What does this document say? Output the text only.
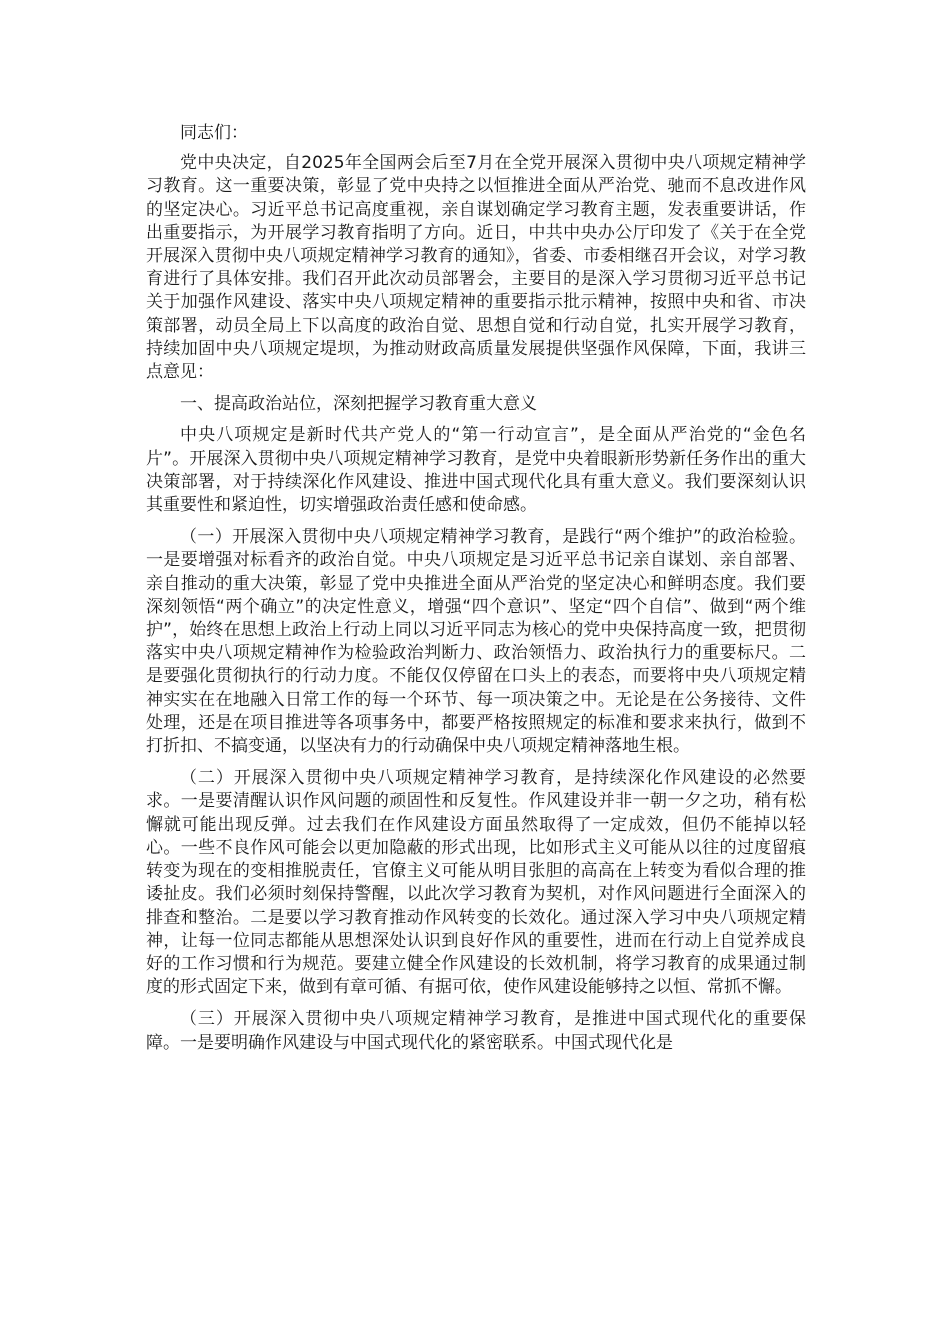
同志们：

党中央决定，自2025年全国两会后至7月在全党开展深入贯彻中央八项规定精神学习教育。这一重要决策，彰显了党中央持之以恒推进全面从严治党、驰而不息改进作风的坚定决心。习近平总书记高度重视，亲自谋划确定学习教育主题，发表重要讲话，作出重要指示，为开展学习教育指明了方向。近日，中共中央办公厅印发了《关于在全党开展深入贯彻中央八项规定精神学习教育的通知》，省委、市委相继召开会议，对学习教育进行了具体安排。我们召开此次动员部署会，主要目的是深入学习贯彻习近平总书记关于加强作风建设、落实中央八项规定精神的重要指示批示精神，按照中央和省、市决策部署，动员全局上下以高度的政治自觉、思想自觉和行动自觉，扎实开展学习教育，持续加固中央八项规定堤坝，为推动财政高质量发展提供坚强作风保障，下面，我讲三点意见：

一、提高政治站位，深刻把握学习教育重大意义

中央八项规定是新时代共产党人的“第一行动宣言”，是全面从严治党的“金色名片”。开展深入贯彻中央八项规定精神学习教育，是党中央着眼新形势新任务作出的重大决策部署，对于持续深化作风建设、推进中国式现代化具有重大意义。我们要深刻认识其重要性和紧迫性，切实增强政治责任感和使命感。

（一）开展深入贯彻中央八项规定精神学习教育，是践行“两个维护”的政治检验。一是要增强对标看齐的政治自觉。中央八项规定是习近平总书记亲自谋划、亲自部署、亲自推动的重大决策，彰显了党中央推进全面从严治党的坚定决心和鲜明态度。我们要深刻领悟“两个确立”的决定性意义，增强“四个意识”、坚定“四个自信”、做到“两个维护”，始终在思想上政治上行动上同以习近平同志为核心的党中央保持高度一致，把贯彻落实中央八项规定精神作为检验政治判断力、政治领悟力、政治执行力的重要标尺。二是要强化贯彻执行的行动力度。不能仅仅停留在口头上的表态，而要将中央八项规定精神实实在在地融入日常工作的每一个环节、每一项决策之中。无论是在公务接待、文件处理，还是在项目推进等各项事务中，都要严格按照规定的标准和要求来执行，做到不打折扣、不搞变通，以坚决有力的行动确保中央八项规定精神落地生根。

（二）开展深入贯彻中央八项规定精神学习教育，是持续深化作风建设的必然要求。一是要清醒认识作风问题的顽固性和反复性。作风建设并非一朝一夕之功，稍有松懈就可能出现反弹。过去我们在作风建设方面虽然取得了一定成效，但仍不能掉以轻心。一些不良作风可能会以更加隐蔽的形式出现，比如形式主义可能从以往的过度留痕转变为现在的变相推脱责任，官僚主义可能从明目张胆的高高在上转变为看似合理的推诿扯皮。我们必须时刻保持警醒，以此次学习教育为契机，对作风问题进行全面深入的排查和整治。二是要以学习教育推动作风转变的长效化。通过深入学习中央八项规定精神，让每一位同志都能从思想深处认识到良好作风的重要性，进而在行动上自觉养成良好的工作习惯和行为规范。要建立健全作风建设的长效机制，将学习教育的成果通过制度的形式固定下来，做到有章可循、有据可依，使作风建设能够持之以恒、常抓不懈。

（三）开展深入贯彻中央八项规定精神学习教育，是推进中国式现代化的重要保障。一是要明确作风建设与中国式现代化的紧密联系。中国式现代化是
